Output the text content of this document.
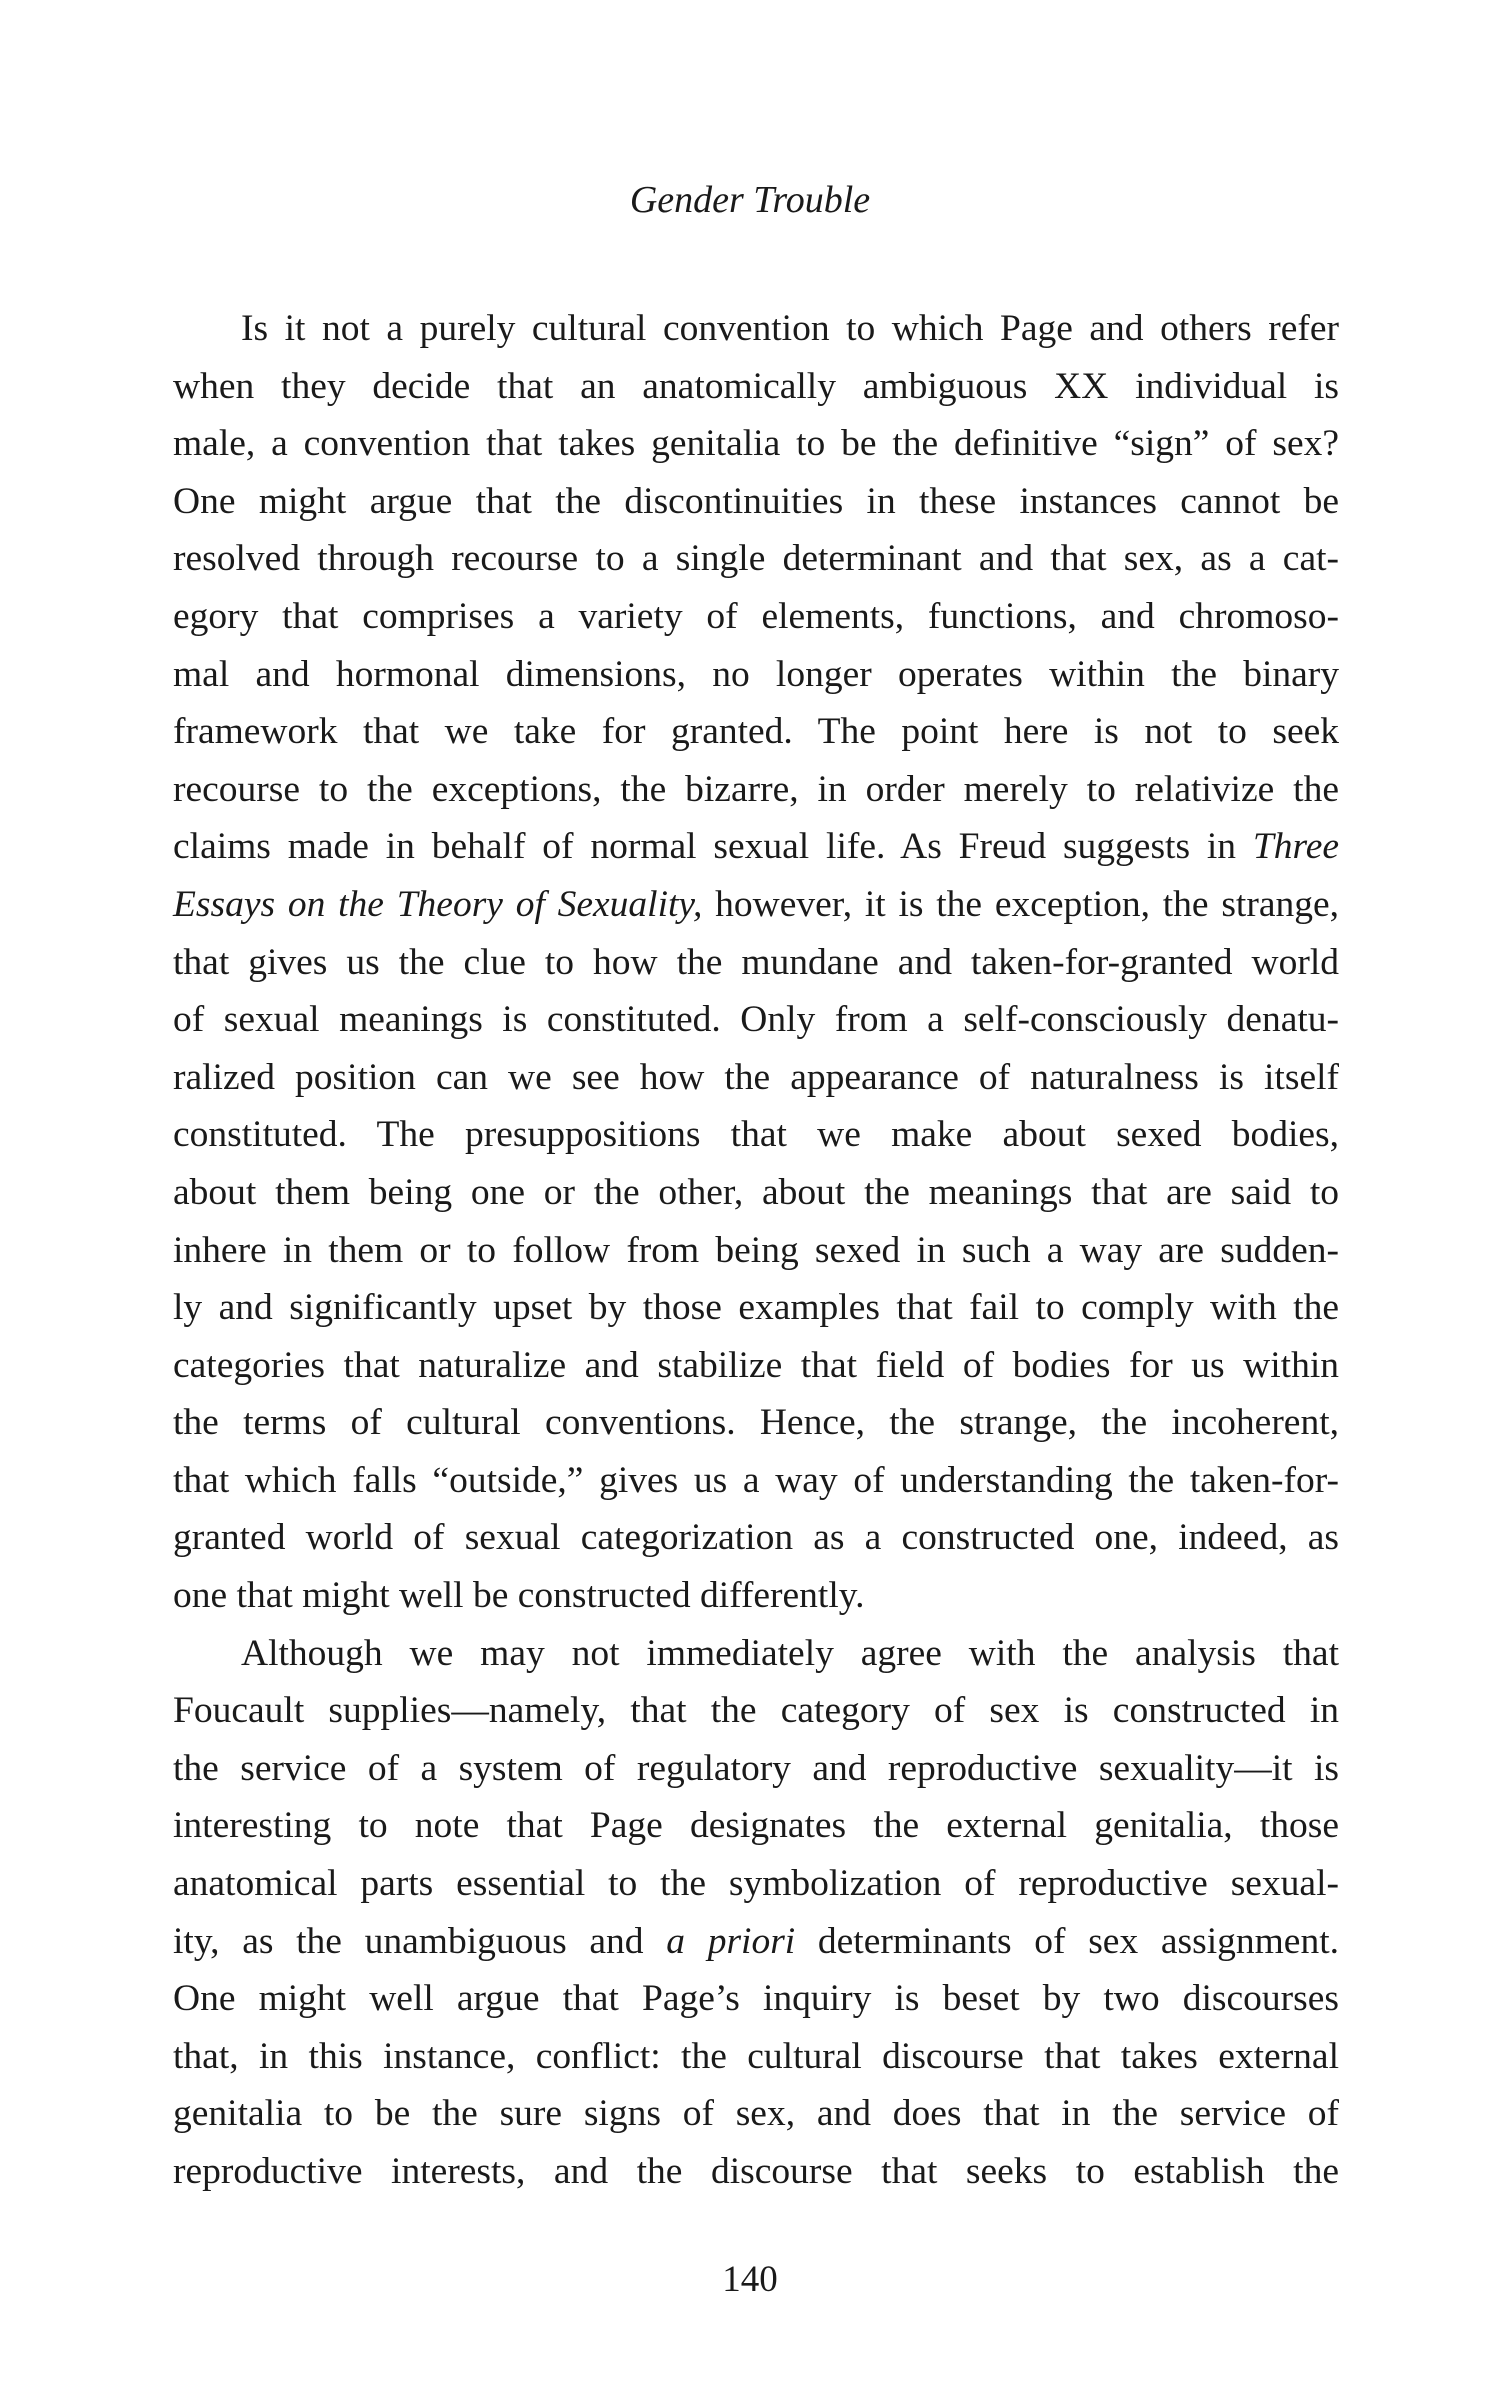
Gender Trouble

Is it not a purely cultural convention to which Page and others refer
when they decide that an anatomically ambiguous XX individual is
male, a convention that takes genitalia to be the definitive “sign” of sex?
One might argue that the discontinuities in these instances cannot be
resolved through recourse to a single determinant and that sex, as a cat-
egory that comprises a variety of elements, functions, and chromoso-
mal and hormonal dimensions, no longer operates within the binary
framework that we take for granted. The point here is not to seek
recourse to the exceptions, the bizarre, in order merely to relativize the
claims made in behalf of normal sexual life. As Freud suggests in Three
Essays on the Theory of Sexuality, however, it is the exception, the strange,
that gives us the clue to how the mundane and taken-for-granted world
of sexual meanings is constituted. Only from a self-consciously denatu-
ralized position can we see how the appearance of naturalness is itself
constituted. The presuppositions that we make about sexed bodies,
about them being one or the other, about the meanings that are said to
inhere in them or to follow from being sexed in such a way are sudden-
ly and significantly upset by those examples that fail to comply with the
categories that naturalize and stabilize that field of bodies for us within
the terms of cultural conventions. Hence, the strange, the incoherent,
that which falls “outside,” gives us a way of understanding the taken-for-
granted world of sexual categorization as a constructed one, indeed, as
one that might well be constructed differently.

Although we may not immediately agree with the analysis that
Foucault supplies—namely, that the category of sex is constructed in
the service of a system of regulatory and reproductive sexuality—it is
interesting to note that Page designates the external genitalia, those
anatomical parts essential to the symbolization of reproductive sexual-
ity, as the unambiguous and a priori determinants of sex assignment.
One might well argue that Page’s inquiry is beset by two discourses
that, in this instance, conflict: the cultural discourse that takes external
genitalia to be the sure signs of sex, and does that in the service of
reproductive interests, and the discourse that seeks to establish the

140
